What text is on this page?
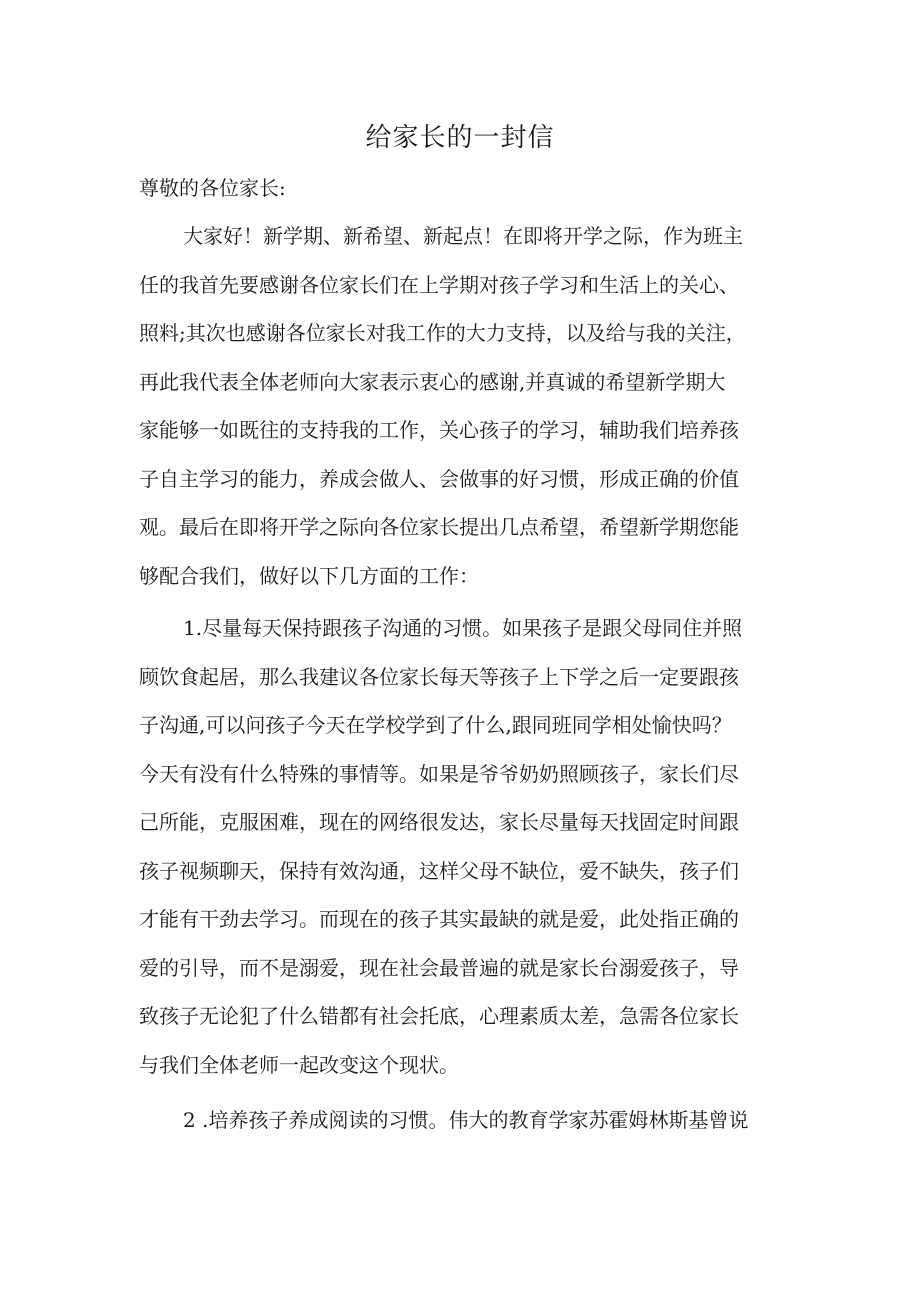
给家长的一封信
尊敬的各位家长:
大家好！新学期、新希望、新起点！在即将开学之际，作为班主
任的我首先要感谢各位家长们在上学期对孩子学习和生活上的关心、
照料;其次也感谢各位家长对我工作的大力支持，以及给与我的关注，
再此我代表全体老师向大家表示衷心的感谢,并真诚的希望新学期大
家能够一如既往的支持我的工作，关心孩子的学习，辅助我们培养孩
子自主学习的能力，养成会做人、会做事的好习惯，形成正确的价值
观。最后在即将开学之际向各位家长提出几点希望，希望新学期您能
够配合我们，做好以下几方面的工作：
1.尽量每天保持跟孩子沟通的习惯。如果孩子是跟父母同住并照
顾饮食起居，那么我建议各位家长每天等孩子上下学之后一定要跟孩
子沟通,可以问孩子今天在学校学到了什么,跟同班同学相处愉快吗？
今天有没有什么特殊的事情等。如果是爷爷奶奶照顾孩子，家长们尽
己所能，克服困难，现在的网络很发达，家长尽量每天找固定时间跟
孩子视频聊天，保持有效沟通，这样父母不缺位，爱不缺失，孩子们
才能有干劲去学习。而现在的孩子其实最缺的就是爱，此处指正确的
爱的引导，而不是溺爱，现在社会最普遍的就是家长台溺爱孩子，导
致孩子无论犯了什么错都有社会托底，心理素质太差，急需各位家长
与我们全体老师一起改变这个现状。
2 .培养孩子养成阅读的习惯。伟大的教育学家苏霍姆林斯基曾说
